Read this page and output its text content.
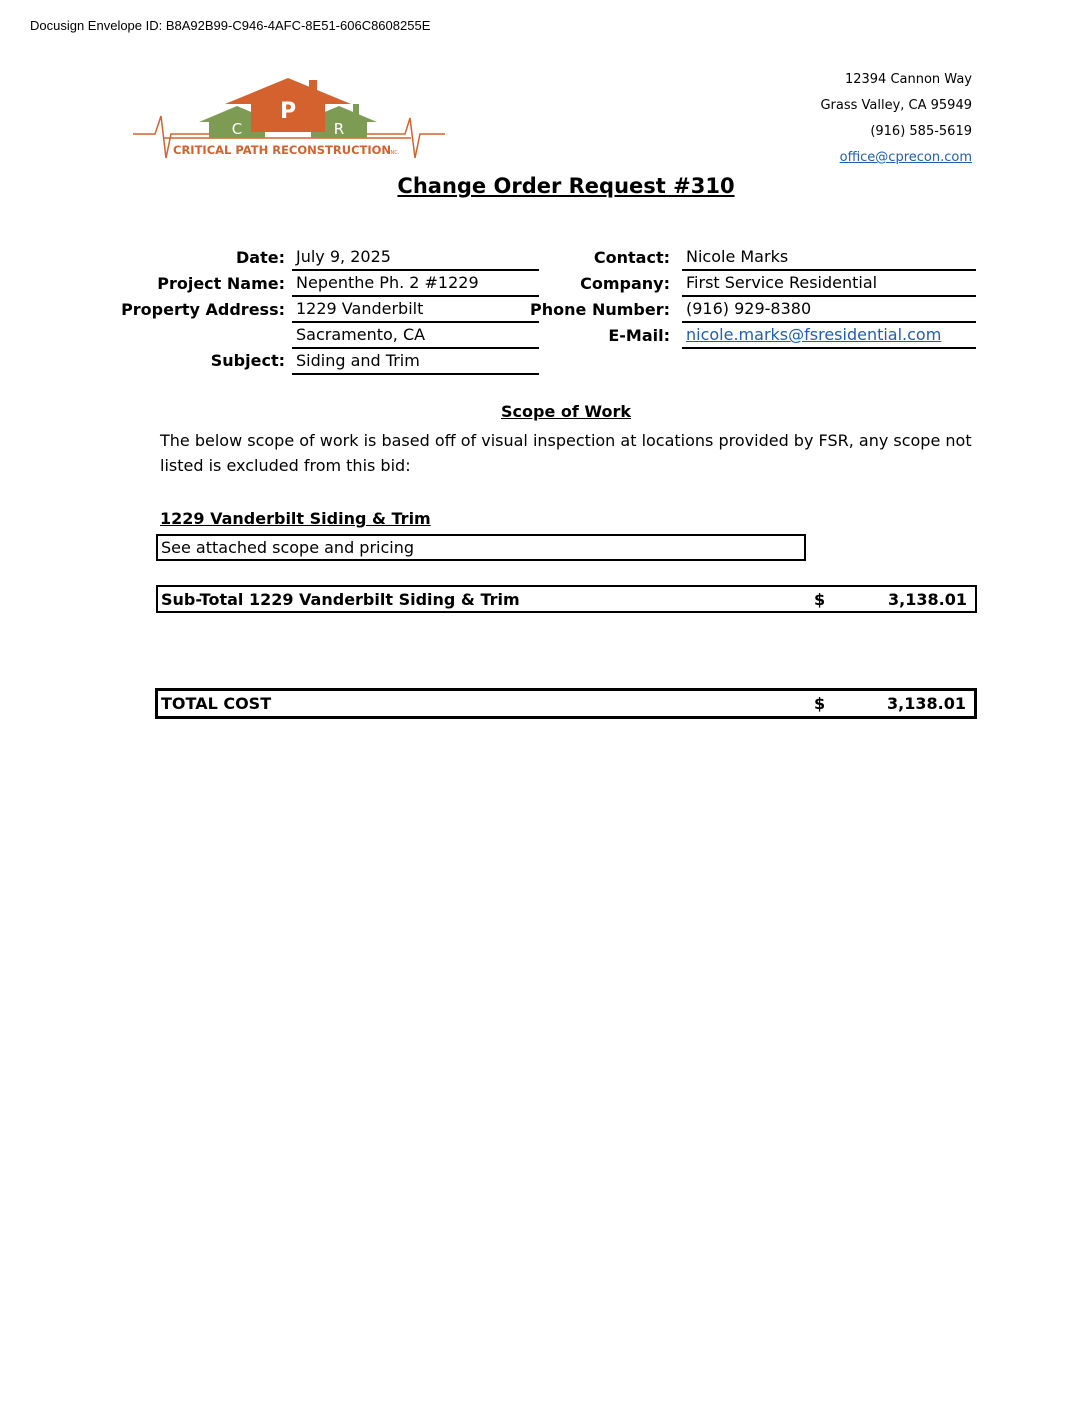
Docusign Envelope ID: B8A92B99-C946-4AFC-8E51-606C8608255E
P
C	R
CRITICAL PATH RECONSTRUCTION
INC.
12394 Cannon Way
Grass Valley, CA 95949
(916) 585-5619
office@cprecon.com
Change Order Request #310
Date: July 9, 2025
Project Name: Nepenthe Ph. 2 #1229
Property Address: 1229 Vanderbilt
Sacramento, CA
Subject: Siding and Trim
Contact: Nicole Marks
Company: First Service Residential
Phone Number: (916) 929-8380
E-Mail: nicole.marks@fsresidential.com
Scope of Work
The below scope of work is based off of visual inspection at locations provided by FSR, any scope not listed is excluded from this bid:
1229 Vanderbilt Siding & Trim
See attached scope and pricing
Sub-Total 1229 Vanderbilt Siding & Trim	$	3,138.01
TOTAL COST	$	3,138.01
